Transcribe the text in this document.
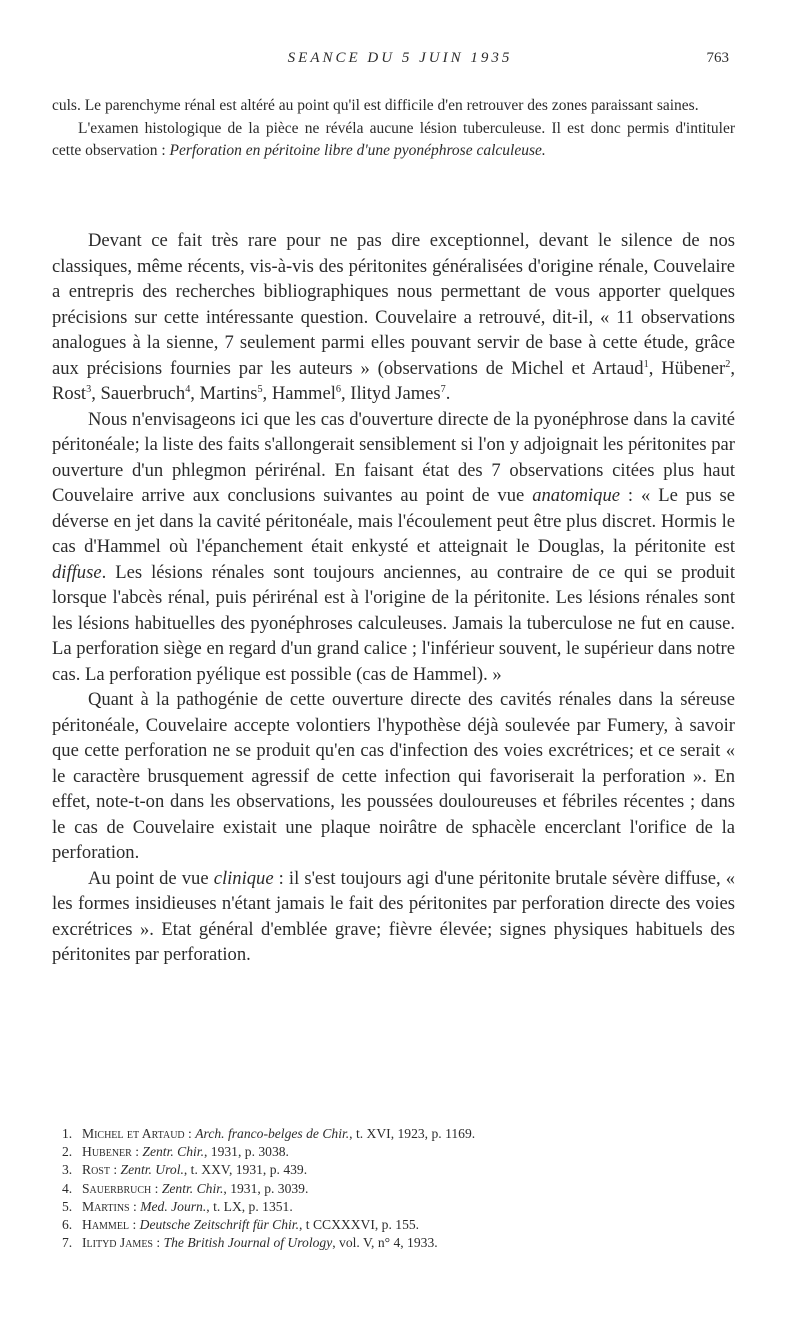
SEANCE DU 5 JUIN 1935	763

culs. Le parenchyme rénal est altéré au point qu'il est difficile d'en retrouver des zones paraissant saines.

L'examen histologique de la pièce ne révéla aucune lésion tuberculeuse. Il est donc permis d'intituler cette observation : Perforation en péritoine libre d'une pyonéphrose calculeuse.

Devant ce fait très rare pour ne pas dire exceptionnel, devant le silence de nos classiques, même récents, vis-à-vis des péritonites généralisées d'origine rénale, Couvelaire a entrepris des recherches bibliographiques nous permettant de vous apporter quelques précisions sur cette intéressante question. Couvelaire a retrouvé, dit-il, « 11 observations analogues à la sienne, 7 seulement parmi elles pouvant servir de base à cette étude, grâce aux précisions fournies par les auteurs » (observations de Michel et Artaud$^1$, Hübener$^2$, Rost$^3$, Sauerbruch$^4$, Martins$^5$, Hammel$^6$, Ilityd James$^7$.

Nous n'envisageons ici que les cas d'ouverture directe de la pyonéphrose dans la cavité péritonéale; la liste des faits s'allongerait sensiblement si l'on y adjoignait les péritonites par ouverture d'un phlegmon périrénal. En faisant état des 7 observations citées plus haut Couvelaire arrive aux conclusions suivantes au point de vue anatomique : « Le pus se déverse en jet dans la cavité péritonéale, mais l'écoulement peut être plus discret. Hormis le cas d'Hammel où l'épanchement était enkysté et atteignait le Douglas, la péritonite est diffuse. Les lésions rénales sont toujours anciennes, au contraire de ce qui se produit lorsque l'abcès rénal, puis périrénal est à l'origine de la péritonite. Les lésions rénales sont les lésions habituelles des pyonéphroses calculeuses. Jamais la tuberculose ne fut en cause. La perforation siège en regard d'un grand calice ; l'inférieur souvent, le supérieur dans notre cas. La perforation pyélique est possible (cas de Hammel). »

Quant à la pathogénie de cette ouverture directe des cavités rénales dans la séreuse péritonéale, Couvelaire accepte volontiers l'hypothèse déjà soulevée par Fumery, à savoir que cette perforation ne se produit qu'en cas d'infection des voies excrétrices; et ce serait « le caractère brusquement agressif de cette infection qui favoriserait la perforation ». En effet, note-t-on dans les observations, les poussées douloureuses et fébriles récentes ; dans le cas de Couvelaire existait une plaque noirâtre de sphacèle encerclant l'orifice de la perforation.

Au point de vue clinique : il s'est toujours agi d'une péritonite brutale sévère diffuse, « les formes insidieuses n'étant jamais le fait des péritonites par perforation directe des voies excrétrices ». Etat général d'emblée grave; fièvre élevée; signes physiques habituels des péritonites par perforation.

1. Michel et Artaud : Arch. franco-belges de Chir., t. XVI, 1923, p. 1169.
2. Hubener : Zentr. Chir., 1931, p. 3038.
3. Rost : Zentr. Urol., t. XXV, 1931, p. 439.
4. Sauerbruch : Zentr. Chir., 1931, p. 3039.
5. Martins : Med. Journ., t. LX, p. 1351.
6. Hammel : Deutsche Zeitschrift für Chir., t CCXXXVI, p. 155.
7. Ilityd James : The British Journal of Urology, vol. V, n° 4, 1933.
